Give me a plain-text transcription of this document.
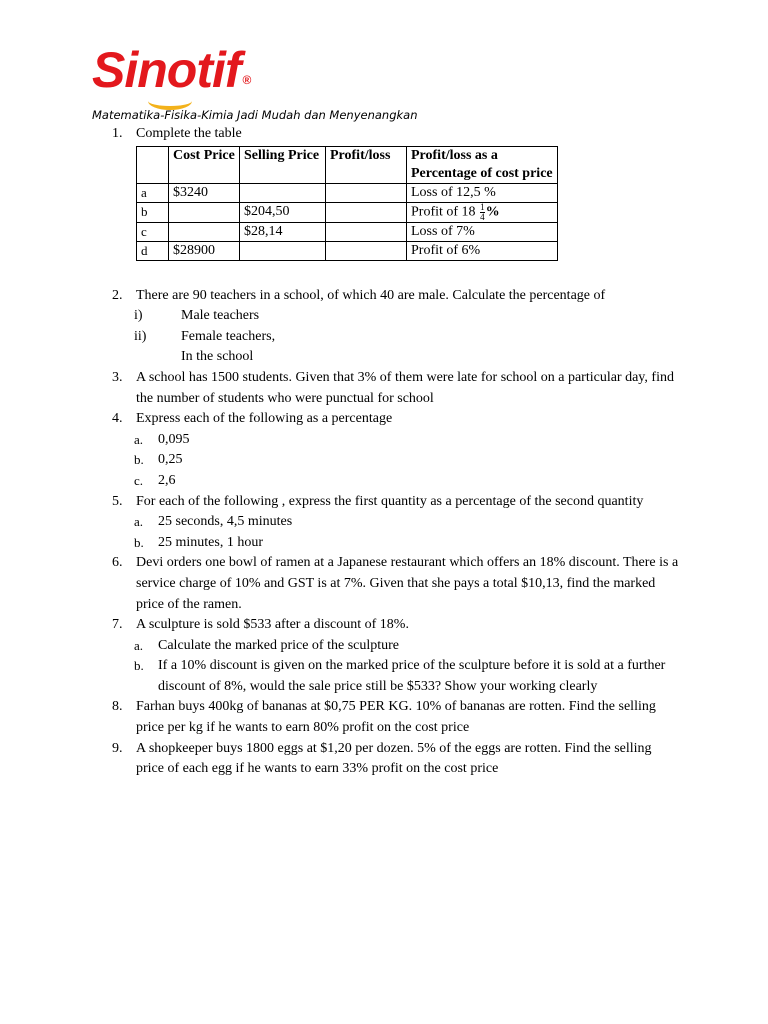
Sinotif ®
Matematika-Fisika-Kimia Jadi Mudah dan Menyenangkan
1. Complete the table
	Cost Price	Selling Price	Profit/loss	Profit/loss as a Percentage of cost price
a	$3240			Loss of 12,5 %
b		$204,50		Profit of $18 \frac{1}{4}$ %
c		$28,14		Loss of 7%
d	$28900			Profit of 6%
2. There are 90 teachers in a school, of which 40 are male. Calculate the percentage of
i)	Male teachers
ii) Female teachers,
In the school
3. A school has 1500 students. Given that 3% of them were late for school on a particular day, find the number of students who were punctual for school
4. Express each of the following as a percentage
a. 0,095
b. 0,25
c. 2,6
5. For each of the following , express the first quantity as a percentage of the second quantity
a. 25 seconds, 4,5 minutes
b. 25 minutes, 1 hour
6. Devi orders one bowl of ramen at a Japanese restaurant which offers an 18% discount. There is a service charge of 10% and GST is at 7%. Given that she pays a total $10,13, find the marked price of the ramen.
7. A sculpture is sold $533 after a discount of 18%.
a. Calculate the marked price of the sculpture
b. If a 10% discount is given on the marked price of the sculpture before it is sold at a further discount of 8%, would the sale price still be $533? Show your working clearly
8. Farhan buys 400kg of bananas at $0,75 PER KG. 10% of bananas are rotten. Find the selling price per kg if he wants to earn 80% profit on the cost price
9. A shopkeeper buys 1800 eggs at $1,20 per dozen. 5% of the eggs are rotten. Find the selling price of each egg if he wants to earn 33% profit on the cost price
